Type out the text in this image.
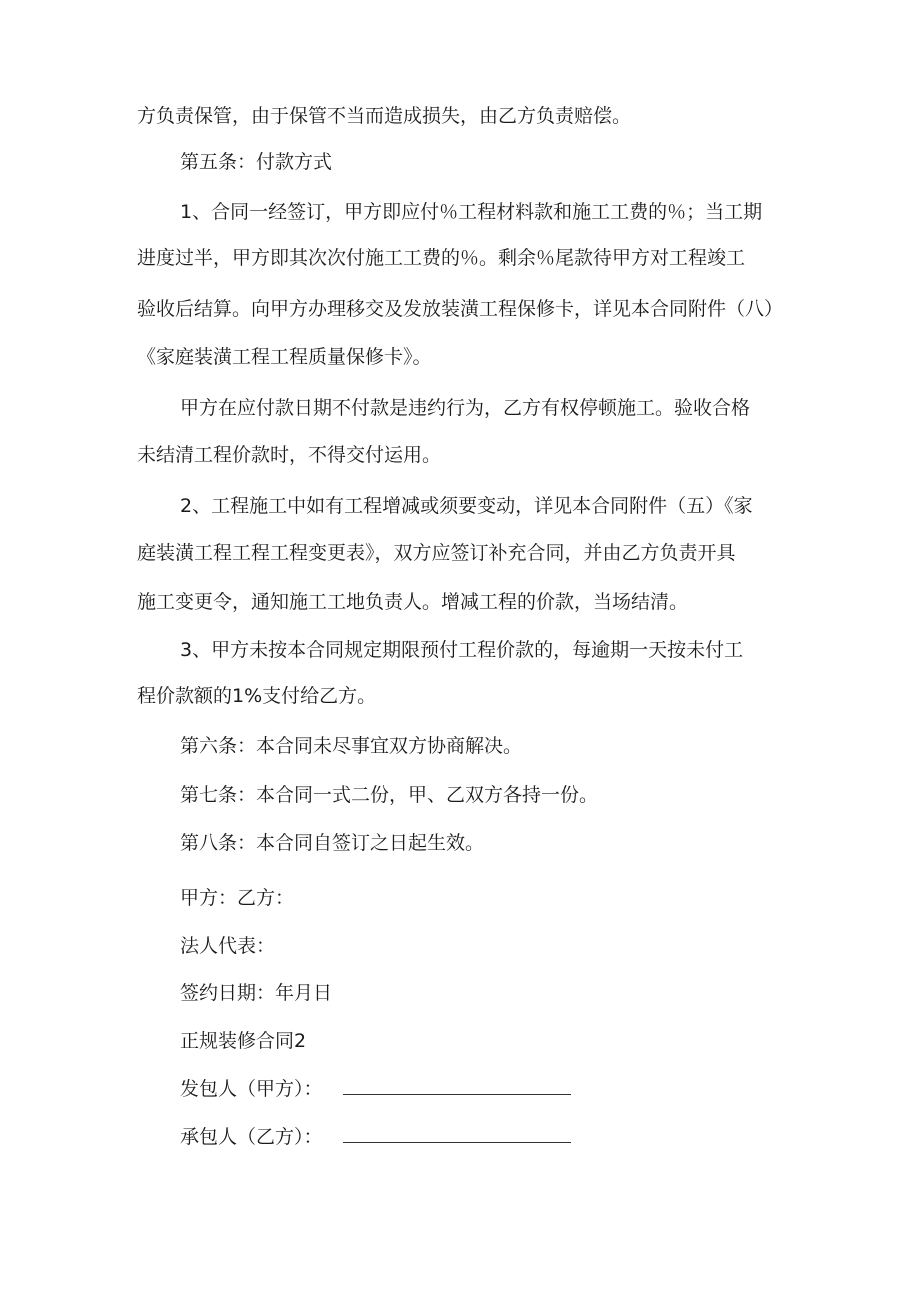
方负责保管，由于保管不当而造成损失，由乙方负责赔偿。
第五条：付款方式
1、合同一经签订，甲方即应付％工程材料款和施工工费的％；当工期
进度过半，甲方即其次次付施工工费的％。剩余％尾款待甲方对工程竣工
验收后结算。向甲方办理移交及发放装潢工程保修卡，详见本合同附件（八）
《家庭装潢工程工程质量保修卡》。
甲方在应付款日期不付款是违约行为，乙方有权停顿施工。验收合格
未结清工程价款时，不得交付运用。
2、工程施工中如有工程增减或须要变动，详见本合同附件（五）《家
庭装潢工程工程工程变更表》，双方应签订补充合同，并由乙方负责开具
施工变更令，通知施工工地负责人。增减工程的价款，当场结清。
3、甲方未按本合同规定期限预付工程价款的，每逾期一天按未付工
程价款额的1%支付给乙方。
第六条：本合同未尽事宜双方协商解决。
第七条：本合同一式二份，甲、乙双方各持一份。
第八条：本合同自签订之日起生效。
甲方：乙方：
法人代表：
签约日期：年月日
正规装修合同2
发包人（甲方）：
承包人（乙方）：
